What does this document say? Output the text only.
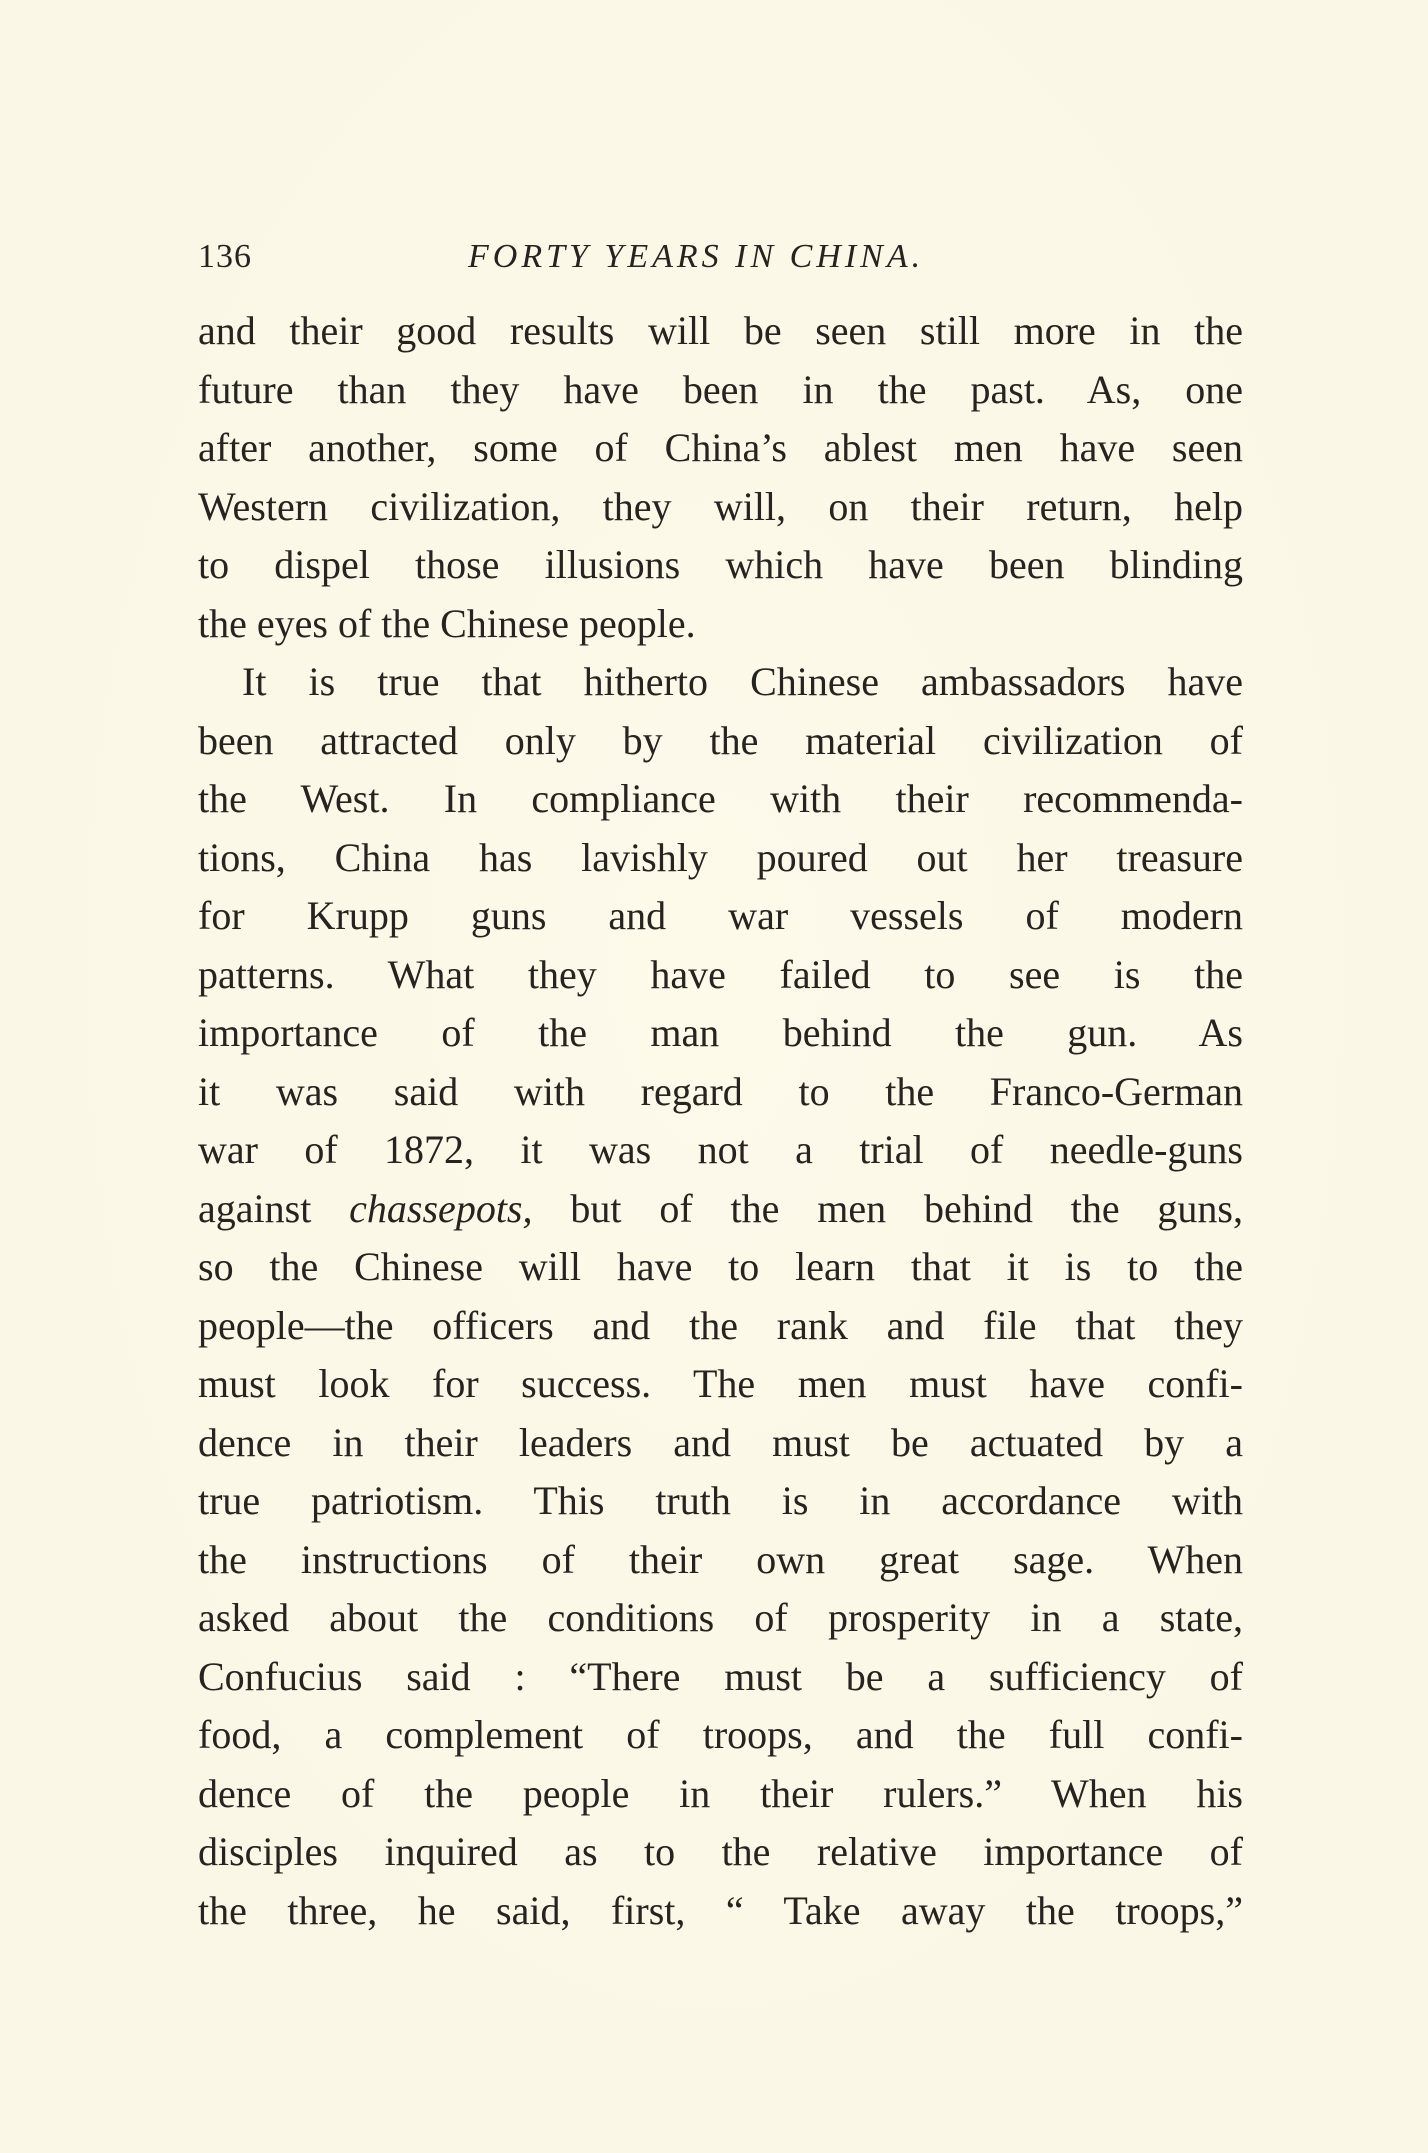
136	FORTY YEARS IN CHINA.
and their good results will be seen still more in the
future than they have been in the past. As, one
after another, some of China’s ablest men have seen
Western civilization, they will, on their return, help
to dispel those illusions which have been blinding
the eyes of the Chinese people.
It is true that hitherto Chinese ambassadors have
been attracted only by the material civilization of
the West. In compliance with their recommenda-
tions, China has lavishly poured out her treasure
for Krupp guns and war vessels of modern
patterns. What they have failed to see is the
importance of the man behind the gun. As
it was said with regard to the Franco-German
war of 1872, it was not a trial of needle-guns
against chassepots, but of the men behind the guns,
so the Chinese will have to learn that it is to the
people—the officers and the rank and file that they
must look for success. The men must have confi-
dence in their leaders and must be actuated by a
true patriotism. This truth is in accordance with
the instructions of their own great sage. When
asked about the conditions of prosperity in a state,
Confucius said : “There must be a sufficiency of
food, a complement of troops, and the full confi-
dence of the people in their rulers.” When his
disciples inquired as to the relative importance of
the three, he said, first, “ Take away the troops,”
